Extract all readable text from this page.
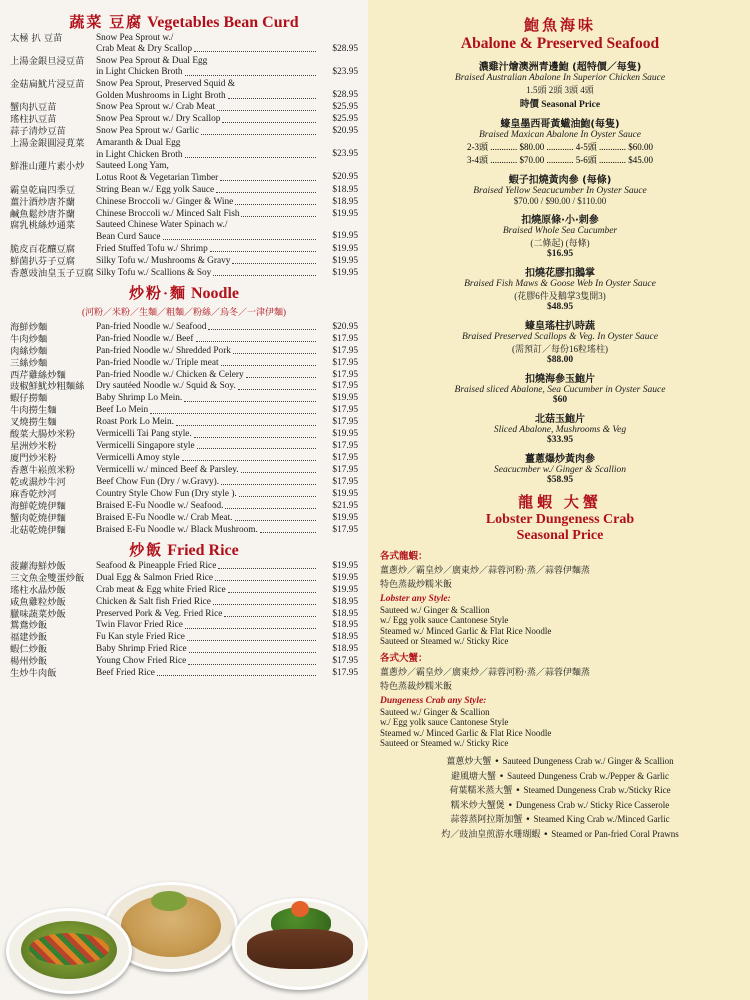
蔬菜 豆腐 Vegetables Bean Curd
太極 扒 豆苗	Snow Pea Sprout w./
Crab Meat & Dry Scallop	$28.95

上湯金銀旦浸豆苗	Snow Pea Sprout & Dual Egg
in Light Chicken Broth	$23.95

金菇扁魷片浸豆苗	Snow Pea Sprout, Preserved Squid &
Golden Mushrooms in Light Broth	$28.95

蟹肉扒豆苗	Snow Pea Sprout w./ Crab Meat	$25.95

瑤柱扒豆苗	Snow Pea Sprout w./ Dry Scallop	$25.95

蒜子清炒豆苗	Snow Pea Sprout w./ Garlic	$20.95

上湯金銀圓浸莧菜	Amaranth & Dual Egg
in Light Chicken Broth	$23.95

鮮淮山蓮片素小炒	Sauteed Long Yam,
Lotus Root & Vegetarian Timber	$20.95

霸皇乾扁四季豆	String Bean w./ Egg yolk Sauce	$18.95

薑汁酒炒唐芥蘭	Chinese Broccoli w./ Ginger & Wine	$18.95

鹹魚鬆炒唐芥蘭	Chinese Broccoli w./ Minced Salt Fish	$19.95

腐乳桃絲炒通菜	Sauteed Chinese Water Spinach w./
Bean Curd Sauce	$19.95

脆皮百花釀豆腐	Fried Stuffed Tofu w./ Shrimp	$19.95

鮮菌扒芬子豆腐	Silky Tofu w./ Mushrooms & Gravy	$19.95

香蔥豉油皇玉子豆腐	Silky Tofu w./ Scallions & Soy	$19.95
炒粉·麵 Noodle
(河粉／米粉／生麵／粗麵／粉絲／烏冬／一津伊麵)
海鮮炒麵	Pan-fried Noodle w./ Seafood	$20.95

牛肉炒麵	Pan-fried Noodle w./ Beef	$17.95

肉絲炒麵	Pan-fried Noodle w./ Shredded Pork	$17.95

三絲炒麵	Pan-fried Noodle w./ Triple meat	$17.95

西芹雞絲炒麵	Pan-fried Noodle w./ Chicken & Celery	$17.95

豉椒鮮魷炒粗麵絲	Dry sautéed Noodle w./ Squid & Soy.	$17.95

蝦仔撈麵	Baby Shrimp Lo Mein.	$19.95

牛肉撈生麵	Beef Lo Mein	$17.95

叉燒撈生麵	Roast Pork Lo Mein.	$17.95

酸菜大腸炒米粉	Vermicelli Tai Pang style.	$19.95

星洲炒米粉	Vermicelli Singapore style	$17.95

廈門炒米粉	Vermicelli Amoy style	$17.95

香蔥牛崧煎米粉	Vermicelli w./ minced Beef & Parsley.	$17.95

乾或濕炒牛河	Beef Chow Fun (Dry / w.Gravy).	$17.95

麻香乾炒河	Country Style Chow Fun (Dry style ).	$19.95

海鮮乾燒伊麵	Braised E-Fu Noodle w./ Seafood.	$21.95

蟹肉乾燒伊麵	Braised E-Fu Noodle w./ Crab Meat.	$19.95

北菇乾燒伊麵	Braised E-Fu Noodle w./ Black Mushroom.	$17.95
炒飯 Fried Rice
菠蘿海鮮炒飯	Seafood & Pineapple Fried Rice	$19.95

三文魚金雙蛋炒飯	Dual Egg & Salmon Fried Rice	$19.95

瑤柱水晶炒飯	Crab meat & Egg white Fried Rice	$19.95

咸魚雞粒炒飯	Chicken & Salt fish Fried Rice	$18.95

臘味蔬菜炒飯	Preserved Pork & Veg. Fried Rice	$18.95

鴛鴦炒飯	Twin Flavor Fried Rice	$18.95

福建炒飯	Fu Kan style Fried Rice	$18.95

蝦仁炒飯	Baby Shrimp Fried Rice	$18.95

楊州炒飯	Young Chow Fried Rice	$17.95

生炒牛肉飯	Beef Fried Rice	$17.95
鮑魚海味
Abalone & Preserved Seafood
濃雞汁燴澳洲青邊鮑 (超特價／每隻)
Braised Australian Abalone In Superior Chicken Sauce
1.5頭 2頭 3頭 4頭
時價 Seasonal Price
蠔皇墨西哥黃蠘油鮑(每隻)
Braised Maxican Abalone In Oyster Sauce
2-3頭 ............ $80.00 ............ 4-5頭 ............ $60.00
3-4頭 ............ $70.00 ............ 5-6頭 ............ $45.00
蝦子扣燒黃肉參 (每條)
Braised Yellow Seacucumber In Oyster Sauce
$70.00 / $90.00 / $110.00
扣燒原條·小·刺參
Braised Whole Sea Cucumber
(二條起) (每條)
$16.95
扣燒花膠扣鵝掌
Braised Fish Maws & Goose Web In Oyster Sauce
(花膠6件及鵝掌3隻開3)
$48.95
蠔皇瑤柱扒時蔬
Braised Preserved Scallops & Veg. In Oyster Sauce
(需預訂／每份16粒瑤柱)
$88.00
扣燒海參玉鮑片
Braised sliced Abalone, Sea Cucumber in Oyster Sauce
$60
北菇玉鮑片
Sliced Abalone, Mushrooms & Veg
$33.95
薑蔥爆炒黃肉參
Seacucmber w./ Ginger & Scallion
$58.95
龍蝦 大蟹
Lobster Dungeness Crab
Seasonal Price
各式龍蝦：
薑蔥炒／霸皇炒／廣東炒／蒜蓉河粉·蒸／蒜蓉伊麵蒸
特色蒸裁炒糯米飯
Lobster any Style:
Sauteed w./ Ginger & Scallion
w./ Egg yolk sauce Cantonese Style
Steamed w./ Minced Garlic & Flat Rice Noodle
Sauteed or Steamed w./ Sticky Rice
各式大蟹：
薑蔥炒／霸皇炒／廣東炒／蒜蓉河粉·蒸／蒜蓉伊麵蒸
特色蒸裁炒糯米飯
Dungeness Crab any Style:
Sauteed w./ Ginger & Scallion
w./ Egg yolk sauce Cantonese Style
Steamed w./ Minced Garlic & Flat Rice Noodle
Sauteed or Steamed w./ Sticky Rice
薑蔥炒大蟹 • Sauteed Dungeness Crab w./ Ginger & Scallion
避風塘大蟹 • Sauteed Dungeness Crab w./Pepper & Garlic
荷葉糯米蒸大蟹 • Steamed Dungeness Crab w./Sticky Rice
糯米炒大蟹煲 • Dungeness Crab w./ Sticky Rice Casserole
蒜蓉蒸阿拉斯加蟹 • Steamed King Crab w./Minced Garlic
灼／豉油皇煎游水珊瑚蝦 • Steamed or Pan-fried Coral Prawns
